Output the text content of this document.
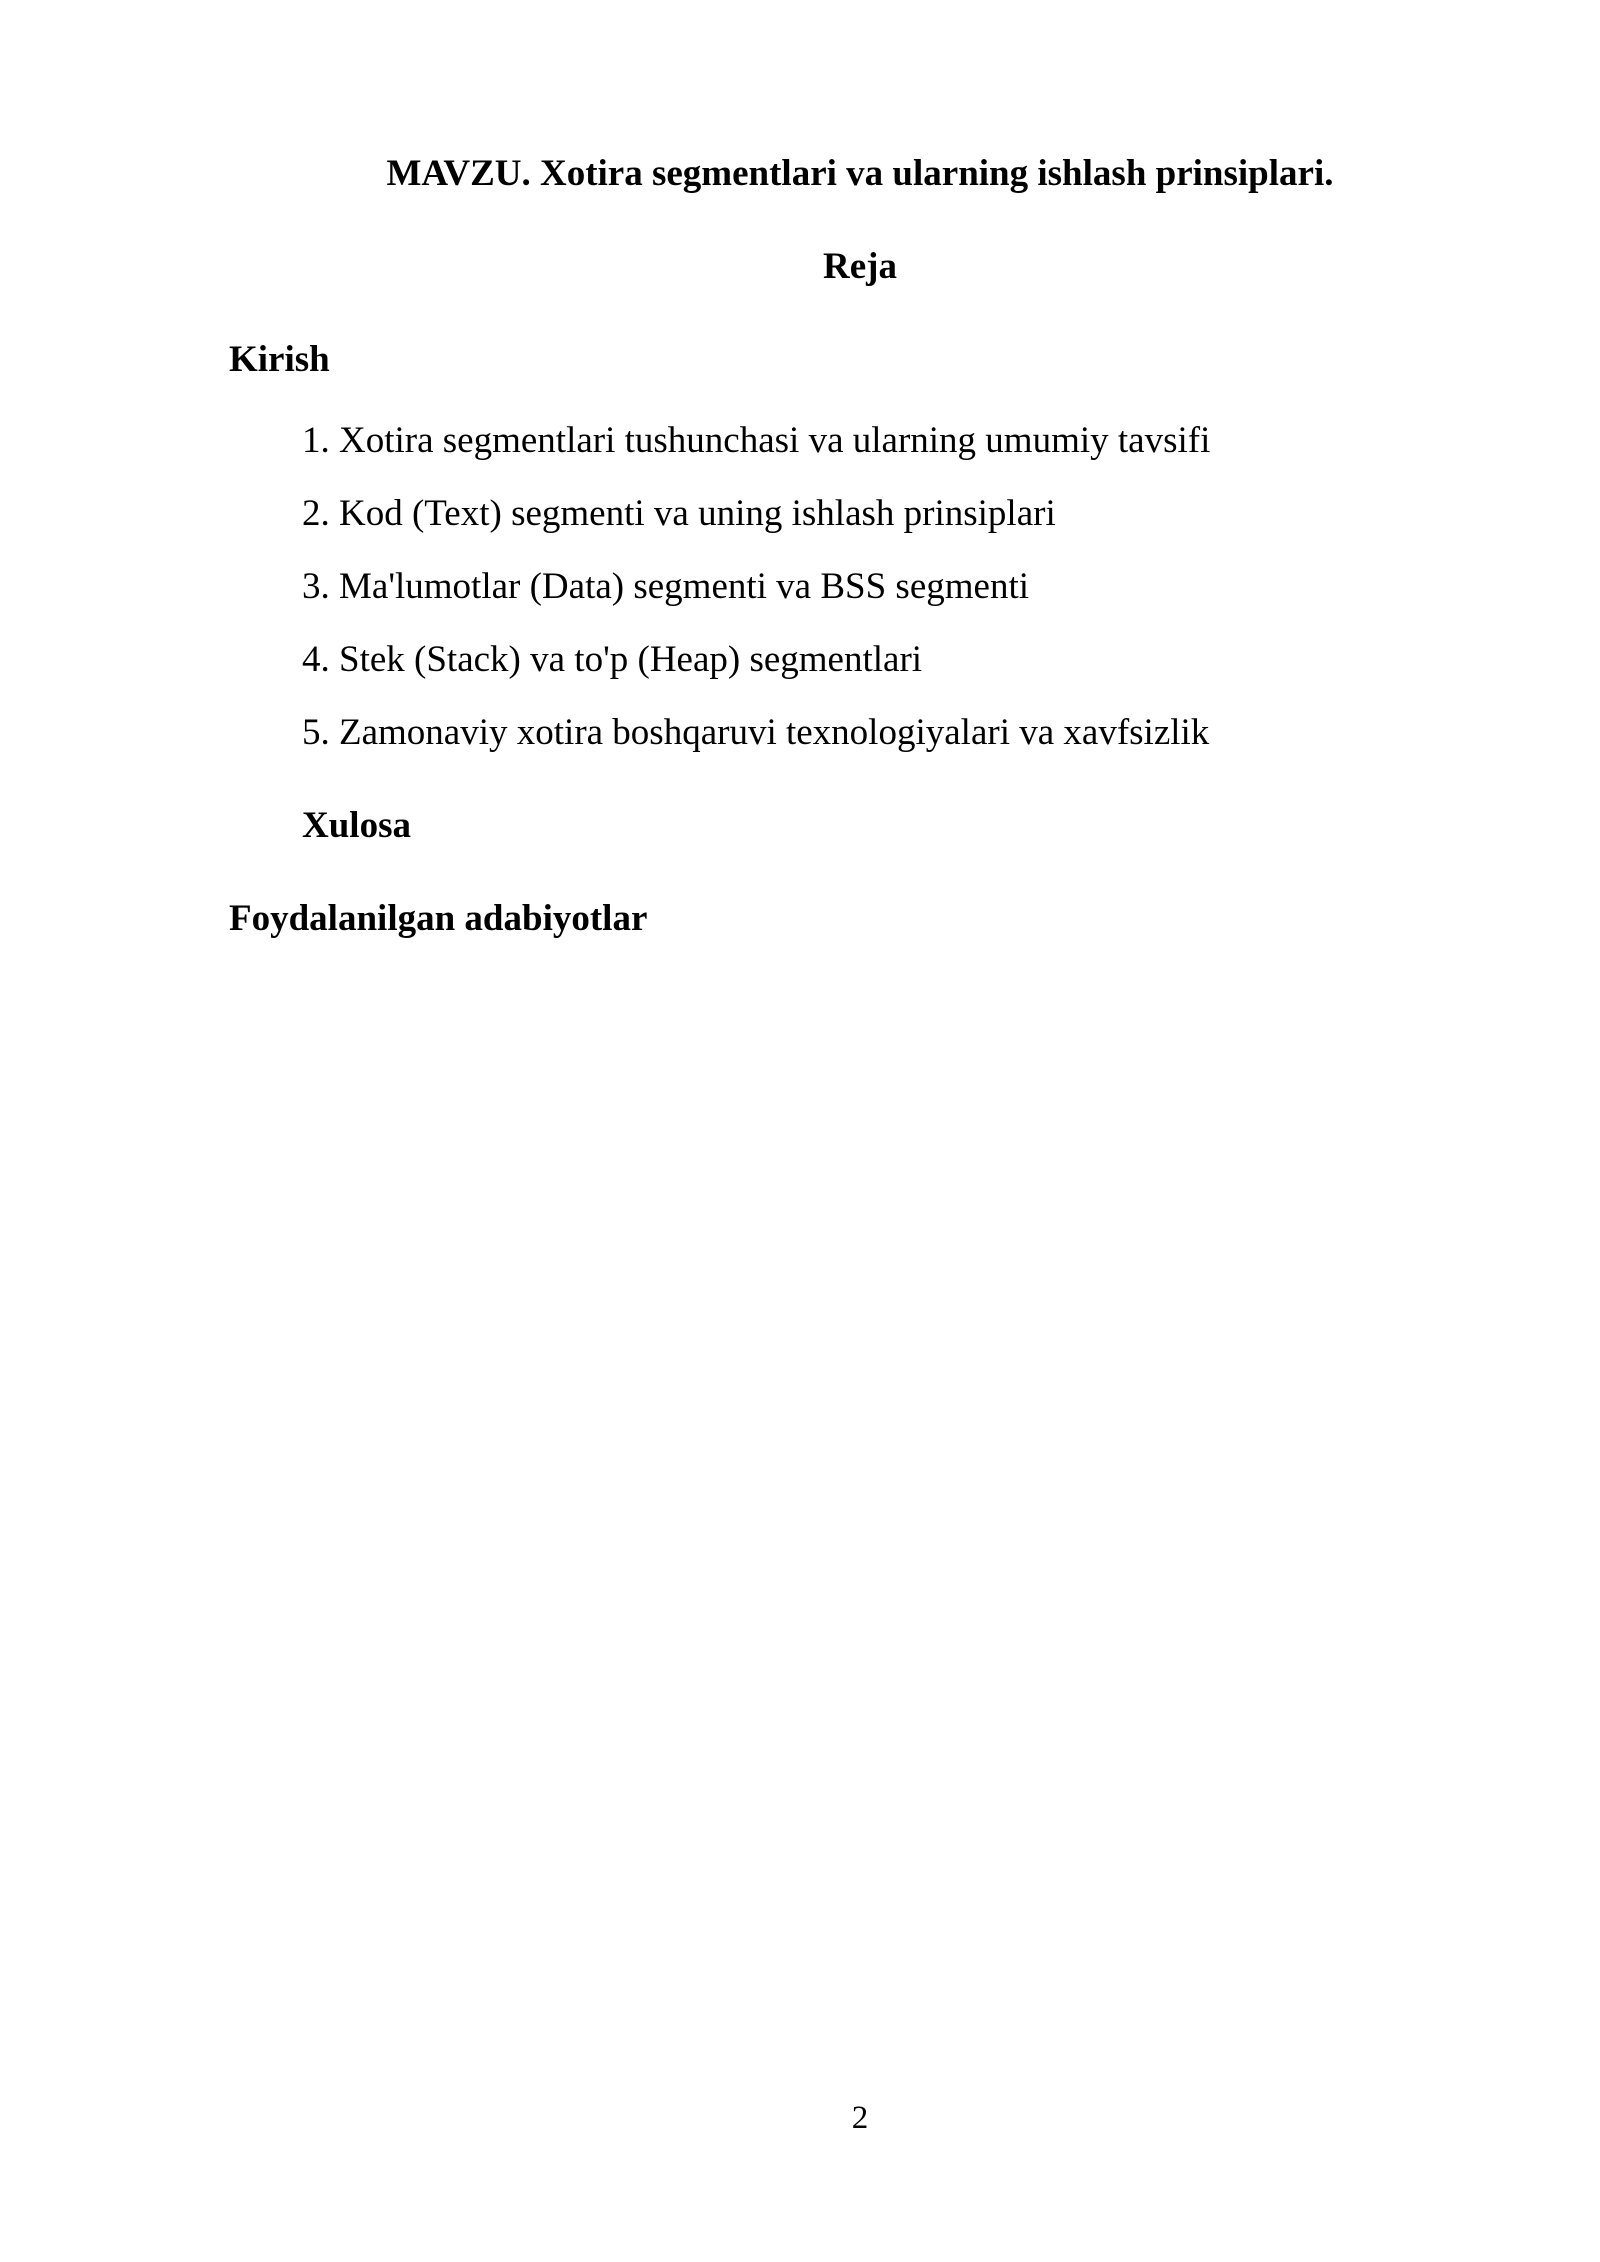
MAVZU. Xotira segmentlari va ularning ishlash prinsiplari.
Reja
Kirish
1. Xotira segmentlari tushunchasi va ularning umumiy tavsifi
2. Kod (Text) segmenti va uning ishlash prinsiplari
3. Ma'lumotlar (Data) segmenti va BSS segmenti
4. Stek (Stack) va to'p (Heap) segmentlari
5. Zamonaviy xotira boshqaruvi texnologiyalari va xavfsizlik
Xulosa
Foydalanilgan adabiyotlar
2
